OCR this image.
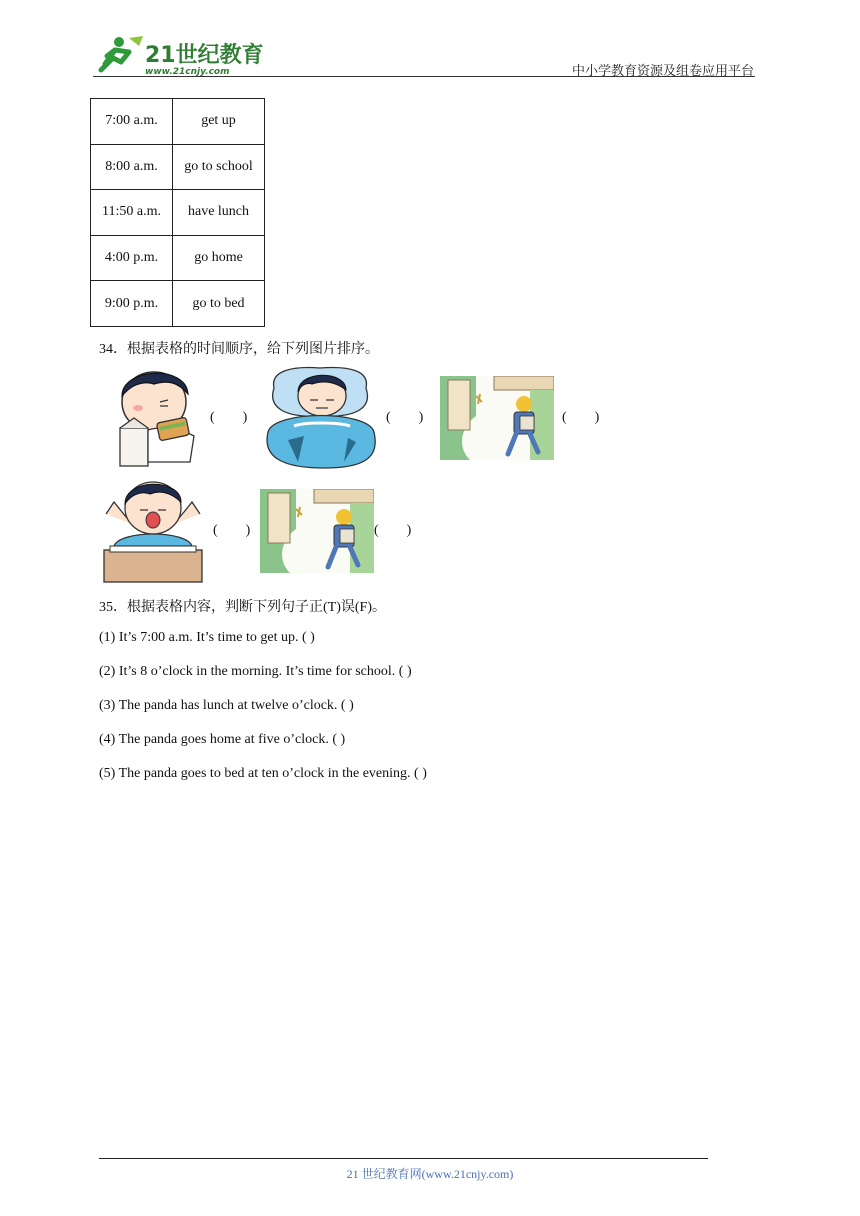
21世纪教育
www.21cnjy.com	中小学教育资源及组卷应用平台
7:00 a.m.	get up
8:00 a.m.	go to school
11:50 a.m.	have lunch
4:00 p.m.	go home
9:00 p.m.	go to bed
34．根据表格的时间顺序，给下列图片排序。
(        )	(        )	(        )
(        )	(        )
35．根据表格内容，判断下列句子正(T)误(F)。
(1) It’s 7:00 a.m. It’s time to get up. ( )
(2) It’s 8 o’clock in the morning. It’s time for school. ( )
(3) The panda has lunch at twelve o’clock. ( )
(4) The panda goes home at five o’clock. ( )
(5) The panda goes to bed at ten o’clock in the evening. ( )
21 世纪教育网(www.21cnjy.com)
